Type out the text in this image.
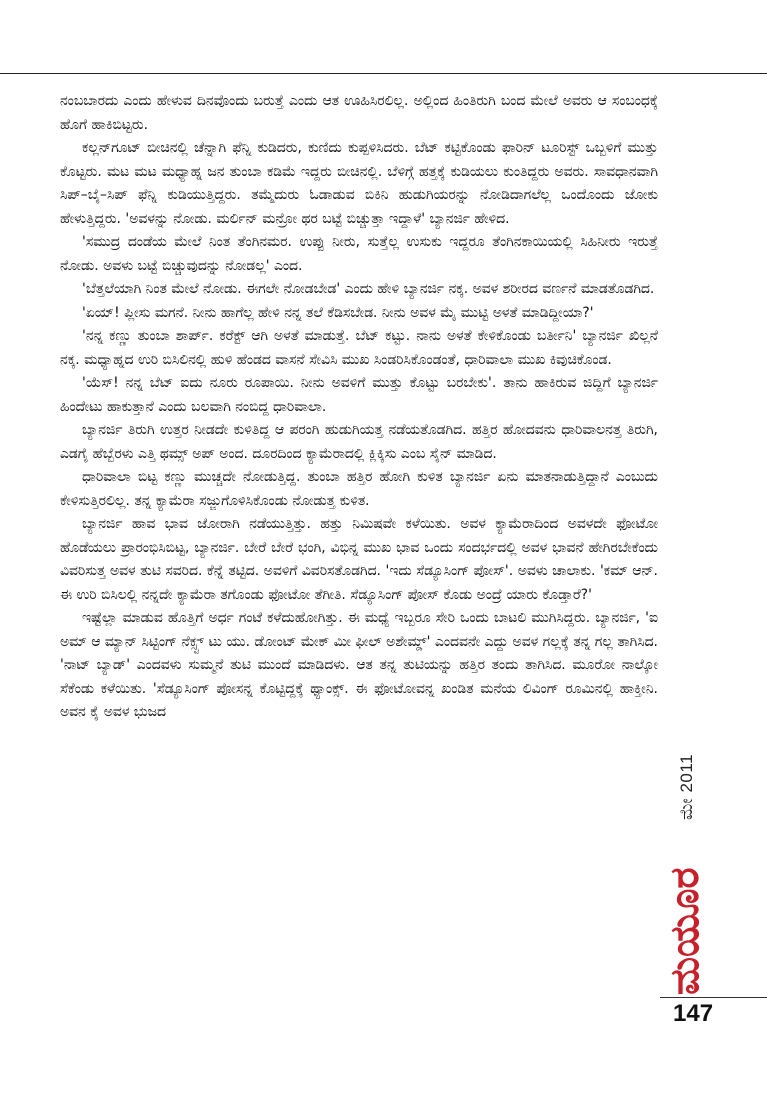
ನಂಬಬಾರದು ಎಂದು ಹೇಳುವ ದಿನವೊಂದು ಬರುತ್ತೆ ಎಂದು ಆತ ಊಹಿಸಿರಲಿಲ್ಲ. ಅಲ್ಲಿಂದ ಹಿಂತಿರುಗಿ ಬಂದ ಮೇಲೆ ಅವರು ಆ ಸಂಬಂಧಕ್ಕೆ ಹೊಗೆ ಹಾಕಿಬಿಟ್ಟರು.

ಕಲ್ಲನ್‌ಗೂಟ್ ಬೀಚಿನಲ್ಲಿ ಚೆನ್ನಾಗಿ ಫೆನ್ನಿ ಕುಡಿದರು, ಕುಣಿದು ಕುಪ್ಪಳಿಸಿದರು. ಬೆಟ್ ಕಟ್ಟಿಕೊಂಡು ಫಾರಿನ್ ಟೂರಿಸ್ಟ್ ಒಬ್ಬಳಿಗೆ ಮುತ್ತು ಕೊಟ್ಟರು. ಮಟ ಮಟ ಮಧ್ಯಾಹ್ನ ಜನ ತುಂಬಾ ಕಡಿಮೆ ಇದ್ದರು ಬೀಚಿನಲ್ಲಿ. ಬೆಳಿಗ್ಗೆ ಹತ್ತಕ್ಕೆ ಕುಡಿಯಲು ಕುಂತಿದ್ದರು ಅವರು. ಸಾವಧಾನವಾಗಿ ಸಿಪ್–ಬೈ–ಸಿಪ್ ಫೆನ್ನಿ ಕುಡಿಯುತ್ತಿದ್ದರು. ತಮ್ಮೆದುರು ಓಡಾಡುವ ಬಿಕಿನಿ ಹುಡುಗಿಯರನ್ನು ನೋಡಿದಾಗಲೆಲ್ಲ ಒಂದೊಂದು ಜೋಕು ಹೇಳುತ್ತಿದ್ದರು. 'ಅವಳನ್ನು ನೋಡು. ಮರ್ಲಿನ್ ಮನ್ರೋ ಥರ ಬಟ್ಟೆ ಬಿಚ್ಚುತ್ತಾ ಇದ್ದಾಳೆ' ಬ್ಯಾನರ್ಜಿ ಹೇಳಿದ.

'ಸಮುದ್ರ ದಂಡೆಯ ಮೇಲೆ ನಿಂತ ತೆಂಗಿನಮರ. ಉಪ್ಪು ನೀರು, ಸುತ್ತೆಲ್ಲ ಉಸುಕು ಇದ್ದರೂ ತೆಂಗಿನಕಾಯಿಯಲ್ಲಿ ಸಿಹಿನೀರು ಇರುತ್ತೆ ನೋಡು. ಅವಳು ಬಟ್ಟೆ ಬಿಚ್ಚುವುದನ್ನು ನೋಡಲ್ಲ' ಎಂದ.

'ಬೆತ್ತಲೆಯಾಗಿ ನಿಂತ ಮೇಲೆ ನೋಡು. ಈಗಲೇ ನೋಡಬೇಡ' ಎಂದು ಹೇಳಿ ಬ್ಯಾನರ್ಜಿ ನಕ್ಕ. ಅವಳ ಶರೀರದ ವರ್ಣನೆ ಮಾಡತೊಡಗಿದ.

'ಏಯ್! ಪ್ಲೀಸು ಮಗನೆ. ನೀನು ಹಾಗೆಲ್ಲ ಹೇಳಿ ನನ್ನ ತಲೆ ಕೆಡಿಸಬೇಡ. ನೀನು ಅವಳ ಮೈ ಮುಟ್ಟಿ ಅಳತೆ ಮಾಡಿದ್ದೀಯಾ?'

'ನನ್ನ ಕಣ್ಣು ತುಂಬಾ ಶಾರ್ಪ್. ಕರೆಕ್ಟ್ ಆಗಿ ಅಳತೆ ಮಾಡುತ್ತೆ. ಬೆಟ್ ಕಟ್ಟು. ನಾನು ಅಳತೆ ಕೇಳಿಕೊಂಡು ಬರ್ತೀನಿ' ಬ್ಯಾನರ್ಜಿ ಖಿಲ್ಲನೆ ನಕ್ಕ. ಮಧ್ಯಾಹ್ನದ ಉರಿ ಬಿಸಿಲಿನಲ್ಲಿ ಹುಳಿ ಹೆಂಡದ ವಾಸನೆ ಸೇವಿಸಿ ಮುಖ ಸಿಂಡರಿಸಿಕೊಂಡಂತೆ, ಧಾರಿವಾಲಾ ಮುಖ ಕಿವುಚಿಕೊಂಡ.

'ಯೆಸ್! ನನ್ನ ಬೆಟ್ ಐದು ನೂರು ರೂಪಾಯಿ. ನೀನು ಅವಳಿಗೆ ಮುತ್ತು ಕೊಟ್ಟು ಬರಬೇಕು'. ತಾನು ಹಾಕಿರುವ ಜಿದ್ದಿಗೆ ಬ್ಯಾನರ್ಜಿ ಹಿಂದೇಟು ಹಾಕುತ್ತಾನೆ ಎಂದು ಬಲವಾಗಿ ನಂಬಿದ್ದ ಧಾರಿವಾಲಾ.

ಬ್ಯಾನರ್ಜಿ ತಿರುಗಿ ಉತ್ತರ ನೀಡದೇ ಕುಳಿತಿದ್ದ ಆ ಪರಂಗಿ ಹುಡುಗಿಯತ್ತ ನಡೆಯತೊಡಗಿದ. ಹತ್ತಿರ ಹೋದವನು ಧಾರಿವಾಲನತ್ತ ತಿರುಗಿ, ಎಡಗೈ ಹೆಬ್ಬೆರಳು ಎತ್ತಿ ಥಮ್ಸ್ ಅಪ್ ಅಂದ. ದೂರದಿಂದ ಕ್ಯಾಮೆರಾದಲ್ಲಿ ಕ್ಲಿಕ್ಕಿಸು ಎಂಬ ಸೈನ್ ಮಾಡಿದ.

ಧಾರಿವಾಲಾ ಬಿಟ್ಟ ಕಣ್ಣು ಮುಚ್ಚದೇ ನೋಡುತ್ತಿದ್ದ. ತುಂಬಾ ಹತ್ತಿರ ಹೋಗಿ ಕುಳಿತ ಬ್ಯಾನರ್ಜಿ ಏನು ಮಾತನಾಡುತ್ತಿದ್ದಾನೆ ಎಂಬುದು ಕೇಳಿಸುತ್ತಿರಲಿಲ್ಲ. ತನ್ನ ಕ್ಯಾಮೆರಾ ಸಜ್ಜುಗೊಳಿಸಿಕೊಂಡು ನೋಡುತ್ತ ಕುಳಿತ.

ಬ್ಯಾನರ್ಜಿ ಹಾವ ಭಾವ ಜೋರಾಗಿ ನಡೆಯುತ್ತಿತ್ತು. ಹತ್ತು ನಿಮಿಷವೇ ಕಳೆಯಿತು. ಅವಳ ಕ್ಯಾಮೆರಾದಿಂದ ಅವಳದೇ ಫೋಟೋ ಹೊಡೆಯಲು ಪ್ರಾರಂಭಿಸಿಬಿಟ್ಟ, ಬ್ಯಾನರ್ಜಿ. ಬೇರೆ ಬೇರೆ ಭಂಗಿ, ವಿಭಿನ್ನ ಮುಖ ಭಾವ ಒಂದು ಸಂದರ್ಭದಲ್ಲಿ ಅವಳ ಭಾವನೆ ಹೇಗಿರಬೇಕೆಂದು ವಿವರಿಸುತ್ತ ಅವಳ ತುಟಿ ಸವರಿದ. ಕೆನ್ನೆ ತಟ್ಟಿದ. ಅವಳಿಗೆ ವಿವರಿಸತೊಡಗಿದ. 'ಇದು ಸೆಡ್ಯೂಸಿಂಗ್ ಪೋಸ್'. ಅವಳು ಚಾಲಾಕು. 'ಕಮ್ ಆನ್. ಈ ಉರಿ ಬಿಸಿಲಲ್ಲಿ ನನ್ನದೇ ಕ್ಯಾಮೆರಾ ತಗೊಂಡು ಫೋಟೋ ತೆಗೀತಿ. ಸೆಡ್ಯೂಸಿಂಗ್ ಪೋಸ್ ಕೊಡು ಅಂದ್ರೆ ಯಾರು ಕೊಡ್ತಾರೆ?'

ಇಷ್ಟೆಲ್ಲಾ ಮಾಡುವ ಹೊತ್ತಿಗೆ ಅರ್ಧ ಗಂಟೆ ಕಳೆದುಹೋಗಿತ್ತು. ಈ ಮಧ್ಯೆ ಇಬ್ಬರೂ ಸೇರಿ ಒಂದು ಬಾಟಲಿ ಮುಗಿಸಿದ್ದರು. ಬ್ಯಾನರ್ಜಿ, 'ಐ ಅಮ್ ಆ ಮ್ಯಾನ್ ಸಿಟ್ಟಿಂಗ್ ನೆಕ್ಸ್ಟ್ ಟು ಯು. ಡೋಂಟ್ ಮೇಕ್ ಮೀ ಫೀಲ್ ಅಶೇಮ್ಡ್' ಎಂದವನೇ ಎದ್ದು ಅವಳ ಗಲ್ಲಕ್ಕೆ ತನ್ನ ಗಲ್ಲ ತಾಗಿಸಿದ. 'ನಾಟ್ ಬ್ಯಾಡ್' ಎಂದವಳು ಸುಮ್ಮನೆ ತುಟಿ ಮುಂದೆ ಮಾಡಿದಳು. ಆತ ತನ್ನ ತುಟಿಯನ್ನು ಹತ್ತಿರ ತಂದು ತಾಗಿಸಿದ. ಮೂರೋ ನಾಲ್ಕೋ ಸೆಕೆಂಡು ಕಳೆಯಿತು. 'ಸೆಡ್ಯೂಸಿಂಗ್ ಪೋಸನ್ನ ಕೊಟ್ಟಿದ್ದಕ್ಕೆ ಥ್ಯಾಂಕ್ಸ್. ಈ ಫೋಟೋವನ್ನ ಖಂಡಿತ ಮನೆಯ ಲಿವಿಂಗ್ ರೂಮಿನಲ್ಲಿ ಹಾಕ್ತೀನಿ. ಅವನ ಕೈ ಅವಳ ಭುಜದ

ಮೇ 2011
ಮಯೂರ
147
